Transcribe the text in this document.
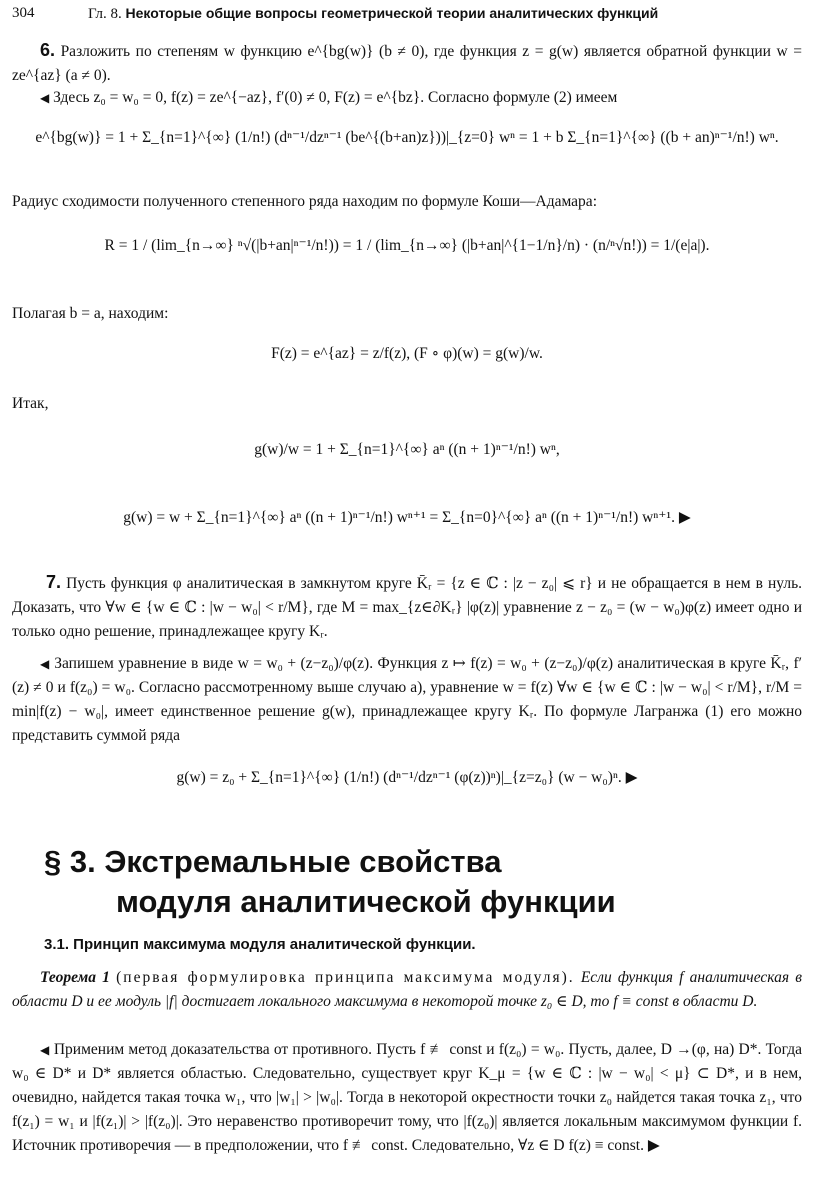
304	Гл. 8. Некоторые общие вопросы геометрической теории аналитических функций
6. Разложить по степеням w функцию e^{bg(w)} (b ≠ 0), где функция z = g(w) является обратной функции w = ze^{az} (a ≠ 0).
◀ Здесь z₀ = w₀ = 0, f(z) = ze^{−az}, f′(0) ≠ 0, F(z) = e^{bz}. Согласно формуле (2) имеем
e^{bg(w)} = 1 + Σ_{n=1}^{∞} (1/n!) (dⁿ⁻¹/dzⁿ⁻¹ (be^{(b+an)z}))|_{z=0} wⁿ = 1 + b Σ_{n=1}^{∞} ((b + an)ⁿ⁻¹/n!) wⁿ.
Радиус сходимости полученного степенного ряда находим по формуле Коши—Адамара:
R = 1 / (lim_{n→∞} ⁿ√(|b+an|ⁿ⁻¹/n!)) = 1 / (lim_{n→∞} (|b+an|^{1−1/n}/n) · (n/ⁿ√n!)) = 1/(e|a|).
Полагая b = a, находим:
F(z) = e^{az} = z/f(z), (F ∘ φ)(w) = g(w)/w.
Итак,
g(w)/w = 1 + Σ_{n=1}^{∞} aⁿ ((n + 1)ⁿ⁻¹/n!) wⁿ,
g(w) = w + Σ_{n=1}^{∞} aⁿ ((n + 1)ⁿ⁻¹/n!) wⁿ⁺¹ = Σ_{n=0}^{∞} aⁿ ((n + 1)ⁿ⁻¹/n!) wⁿ⁺¹. ▶
7. Пусть функция φ аналитическая в замкнутом круге K̄ᵣ = {z ∈ ℂ : |z − z₀| ⩽ r} и не обращается в нем в нуль. Доказать, что ∀w ∈ {w ∈ ℂ : |w − w₀| < r/M}, где M = max_{z∈∂Kᵣ} |φ(z)| уравнение z − z₀ = (w − w₀)φ(z) имеет одно и только одно решение, принадлежащее кругу Kᵣ.
◀ Запишем уравнение в виде w = w₀ + (z−z₀)/φ(z). Функция z ↦ f(z) = w₀ + (z−z₀)/φ(z) аналитическая в круге K̄ᵣ, f′(z) ≠ 0 и f(z₀) = w₀. Согласно рассмотренному выше случаю а), уравнение w = f(z) ∀w ∈ {w ∈ ℂ : |w − w₀| < r/M}, r/M = min|f(z) − w₀|, имеет единственное решение g(w), принадлежащее кругу Kᵣ. По формуле Лагранжа (1) его можно представить суммой ряда
g(w) = z₀ + Σ_{n=1}^{∞} (1/n!) (dⁿ⁻¹/dzⁿ⁻¹ (φ(z))ⁿ)|_{z=z₀} (w − w₀)ⁿ. ▶
§ 3. Экстремальные свойства
модуля аналитической функции
3.1. Принцип максимума модуля аналитической функции.
Теорема 1 (первая формулировка принципа максимума модуля). Если функция f аналитическая в области D и ее модуль |f| достигает локального максимума в некоторой точке z₀ ∈ D, то f ≡ const в области D.
◀ Применим метод доказательства от противного. Пусть f ≢ const и f(z₀) = w₀. Пусть, далее, D →(φ, на) D*. Тогда w₀ ∈ D* и D* является областью. Следовательно, существует круг K_μ = {w ∈ ℂ : |w − w₀| < μ} ⊂ D*, и в нем, очевидно, найдется такая точка w₁, что |w₁| > |w₀|. Тогда в некоторой окрестности точки z₀ найдется такая точка z₁, что f(z₁) = w₁ и |f(z₁)| > |f(z₀)|. Это неравенство противоречит тому, что |f(z₀)| является локальным максимумом функции f. Источник противоречия — в предположении, что f ≢ const. Следовательно, ∀z ∈ D f(z) ≡ const. ▶
